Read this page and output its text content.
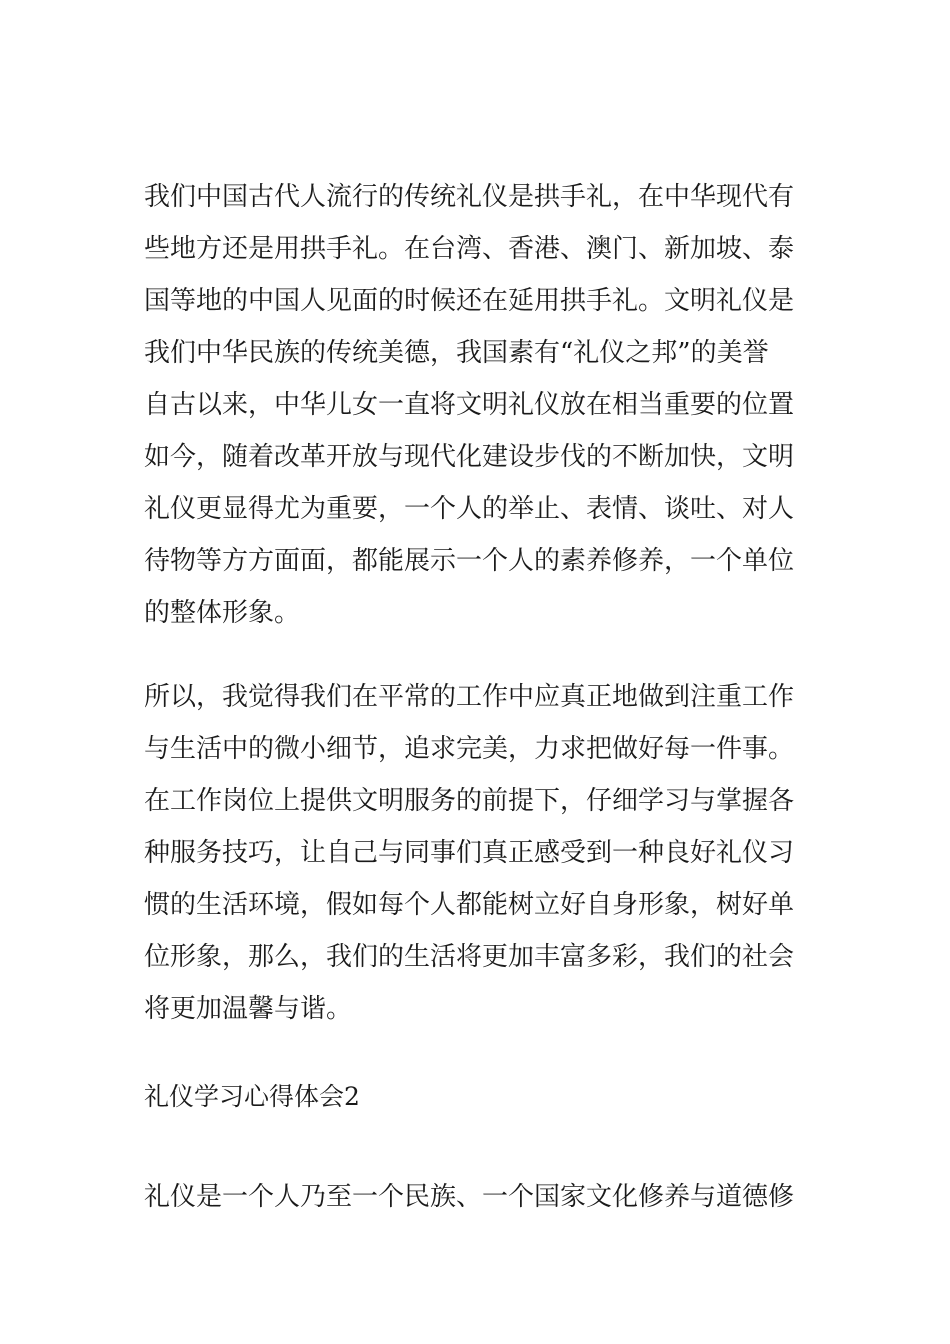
我们中国古代人流行的传统礼仪是拱手礼，在中华现代有
些地方还是用拱手礼。在台湾、香港、澳门、新加坡、泰
国等地的中国人见面的时候还在延用拱手礼。文明礼仪是
我们中华民族的传统美德，我国素有“礼仪之邦”的美誉
自古以来，中华儿女一直将文明礼仪放在相当重要的位置
如今，随着改革开放与现代化建设步伐的不断加快，文明
礼仪更显得尤为重要，一个人的举止、表情、谈吐、对人
待物等方方面面，都能展示一个人的素养修养，一个单位
的整体形象。

所以，我觉得我们在平常的工作中应真正地做到注重工作
与生活中的微小细节，追求完美，力求把做好每一件事。
在工作岗位上提供文明服务的前提下，仔细学习与掌握各
种服务技巧，让自己与同事们真正感受到一种良好礼仪习
惯的生活环境，假如每个人都能树立好自身形象，树好单
位形象，那么，我们的生活将更加丰富多彩，我们的社会
将更加温馨与谐。

礼仪学习心得体会2

礼仪是一个人乃至一个民族、一个国家文化修养与道德修
